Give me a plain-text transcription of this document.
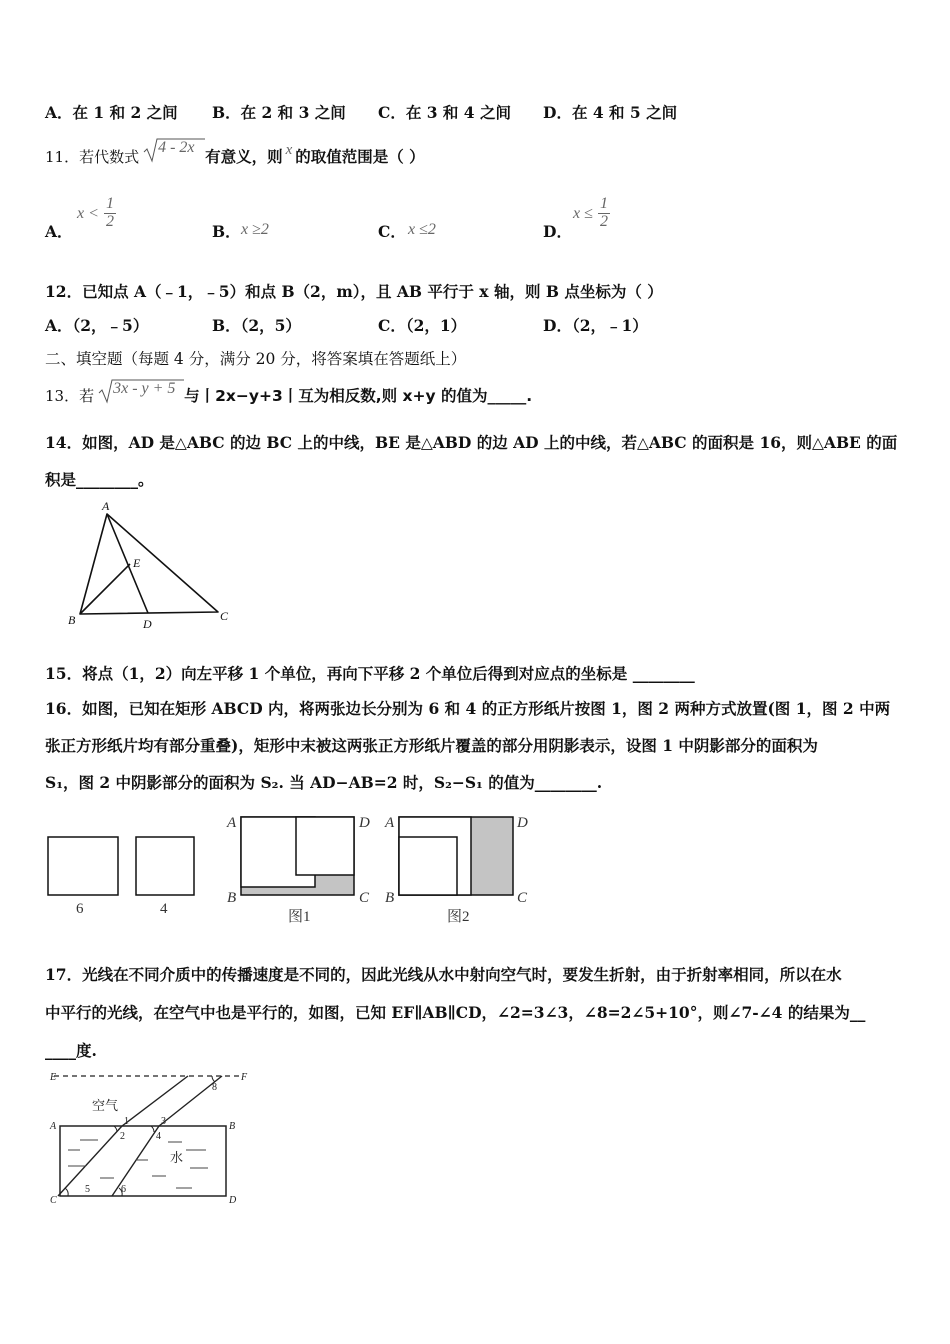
A．在 1 和 2 之间 B．在 2 和 3 之间 C．在 3 和 4 之间 D．在 4 和 5 之间
11．若代数式
4 - 2x 有意义，则 x 的取值范围是（ ）
A．
$x < \frac{1}{2}$
B． x ≥2	C． x ≤2	D．
$x \le \frac{1}{2}$
12．已知点 A（﹣1，﹣5）和点 B（2，m），且 AB 平行于 x 轴，则 B 点坐标为（ ）
A．（2，﹣5）	B．（2，5）	C．（2，1）	D．（2，﹣1）
二、填空题（每题 4 分，满分 20 分，将答案填在答题纸上）
13．若 3x - y + 5 与丨2x−y+3丨互为相反数,则 x+y 的值为_____.
14．如图，AD 是△ABC 的边 BC 上的中线，BE 是△ABD 的边 AD 上的中线，若△ABC 的面积是 16，则△ABE 的面
积是________。
A
B	C
D
E
15．将点（1，2）向左平移 1 个单位，再向下平移 2 个单位后得到对应点的坐标是 ________
16．如图，已知在矩形 ABCD 内，将两张边长分别为 6 和 4 的正方形纸片按图 1，图 2 两种方式放置(图 1，图 2 中两
张正方形纸片均有部分重叠)，矩形中末被这两张正方形纸片覆盖的部分用阴影表示，设图 1 中阴影部分的面积为
S₁，图 2 中阴影部分的面积为 S₂. 当 AD−AB=2 时，S₂−S₁ 的值为________.
6	4
A	D
B	C
图1
A	D
B	C
图2
17．光线在不同介质中的传播速度是不同的，因此光线从水中射向空气时，要发生折射，由于折射率相同，所以在水
中平行的光线，在空气中也是平行的，如图，已知 EF∥AB∥CD，∠2=3∠3，∠8=2∠5+10°，则∠7-∠4 的结果为__
____度.
E	F
A	B
C	D
空气
水
1
2
3
4
5	6
8
